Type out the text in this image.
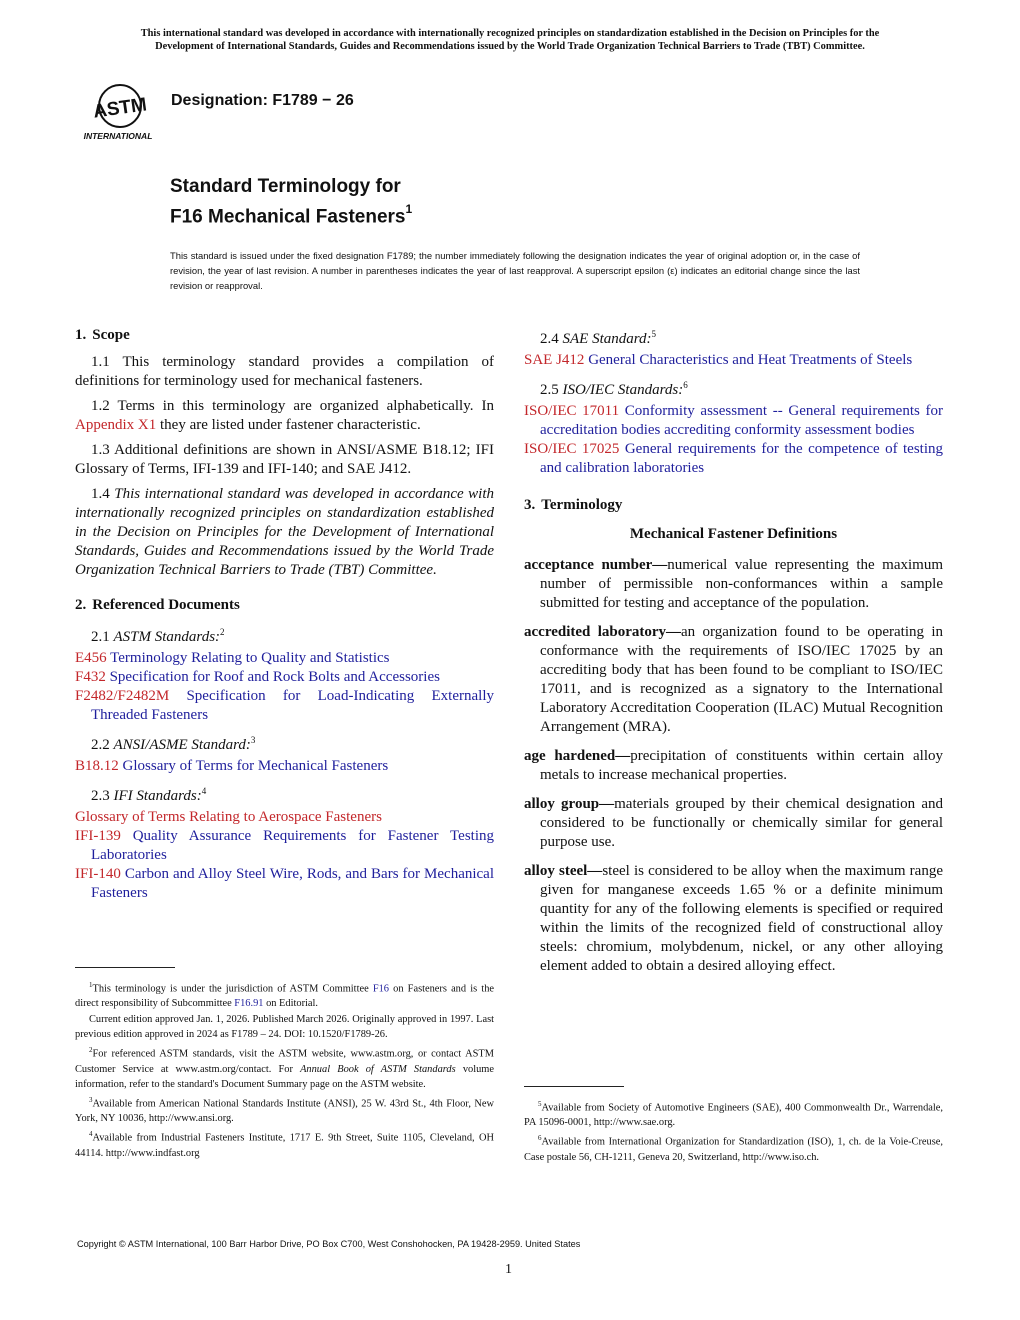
This international standard was developed in accordance with internationally recognized principles on standardization established in the Decision on Principles for the
Development of International Standards, Guides and Recommendations issued by the World Trade Organization Technical Barriers to Trade (TBT) Committee.
ASTM
INTERNATIONAL
Designation: F1789 − 26
Standard Terminology for
F16 Mechanical Fasteners$^1$
This standard is issued under the fixed designation F1789; the number immediately following the designation indicates the year of original adoption or, in the case of revision, the year of last revision. A number in parentheses indicates the year of last reapproval. A superscript epsilon (ε) indicates an editorial change since the last revision or reapproval.
1. Scope

1.1 This terminology standard provides a compilation of definitions for terminology used for mechanical fasteners.

1.2 Terms in this terminology are organized alphabetically. In Appendix X1 they are listed under fastener characteristic.

1.3 Additional definitions are shown in ANSI/ASME B18.12; IFI Glossary of Terms, IFI-139 and IFI-140; and SAE J412.

1.4 This international standard was developed in accordance with internationally recognized principles on standardization established in the Decision on Principles for the Development of International Standards, Guides and Recommendations issued by the World Trade Organization Technical Barriers to Trade (TBT) Committee.

2. Referenced Documents
2.1 ASTM Standards:$^2$

E456 Terminology Relating to Quality and Statistics

F432 Specification for Roof and Rock Bolts and Accessories

F2482/F2482M Specification for Load-Indicating Externally Threaded Fasteners

2.2 ANSI/ASME Standard:$^3$

B18.12 Glossary of Terms for Mechanical Fasteners

2.3 IFI Standards:$^4$

Glossary of Terms Relating to Aerospace Fasteners

IFI-139 Quality Assurance Requirements for Fastener Testing Laboratories

IFI-140 Carbon and Alloy Steel Wire, Rods, and Bars for Mechanical Fasteners

2.4 SAE Standard:$^5$

SAE J412 General Characteristics and Heat Treatments of Steels

2.5 ISO/IEC Standards:$^6$

ISO/IEC 17011 Conformity assessment -- General requirements for accreditation bodies accrediting conformity assessment bodies

ISO/IEC 17025 General requirements for the competence of testing and calibration laboratories

3. Terminology
Mechanical Fastener Definitions

acceptance number—numerical value representing the maximum number of permissible non-conformances within a sample submitted for testing and acceptance of the population.

accredited laboratory—an organization found to be operating in conformance with the requirements of ISO/IEC 17025 by an accrediting body that has been found to be compliant to ISO/IEC 17011, and is recognized as a signatory to the International Laboratory Accreditation Cooperation (ILAC) Mutual Recognition Arrangement (MRA).

age hardened—precipitation of constituents within certain alloy metals to increase mechanical properties.

alloy group—materials grouped by their chemical designation and considered to be functionally or chemically similar for general purpose use.

alloy steel—steel is considered to be alloy when the maximum range given for manganese exceeds 1.65 % or a definite minimum quantity for any of the following elements is specified or required within the limits of the recognized field of constructional alloy steels: chromium, molybdenum, nickel, or any other alloying element added to obtain a desired alloying effect.

$^1$This terminology is under the jurisdiction of ASTM Committee F16 on Fasteners and is the direct responsibility of Subcommittee F16.91 on Editorial.

Current edition approved Jan. 1, 2026. Published March 2026. Originally approved in 1997. Last previous edition approved in 2024 as F1789 – 24. DOI: 10.1520/F1789-26.

$^2$For referenced ASTM standards, visit the ASTM website, www.astm.org, or contact ASTM Customer Service at www.astm.org/contact. For Annual Book of ASTM Standards volume information, refer to the standard's Document Summary page on the ASTM website.

$^3$Available from American National Standards Institute (ANSI), 25 W. 43rd St., 4th Floor, New York, NY 10036, http://www.ansi.org.

$^4$Available from Industrial Fasteners Institute, 1717 E. 9th Street, Suite 1105, Cleveland, OH 44114. http://www.indfast.org

$^5$Available from Society of Automotive Engineers (SAE), 400 Commonwealth Dr., Warrendale, PA 15096-0001, http://www.sae.org.

$^6$Available from International Organization for Standardization (ISO), 1, ch. de la Voie-Creuse, Case postale 56, CH-1211, Geneva 20, Switzerland, http://www.iso.ch.

Copyright © ASTM International, 100 Barr Harbor Drive, PO Box C700, West Conshohocken, PA 19428-2959. United States
1
